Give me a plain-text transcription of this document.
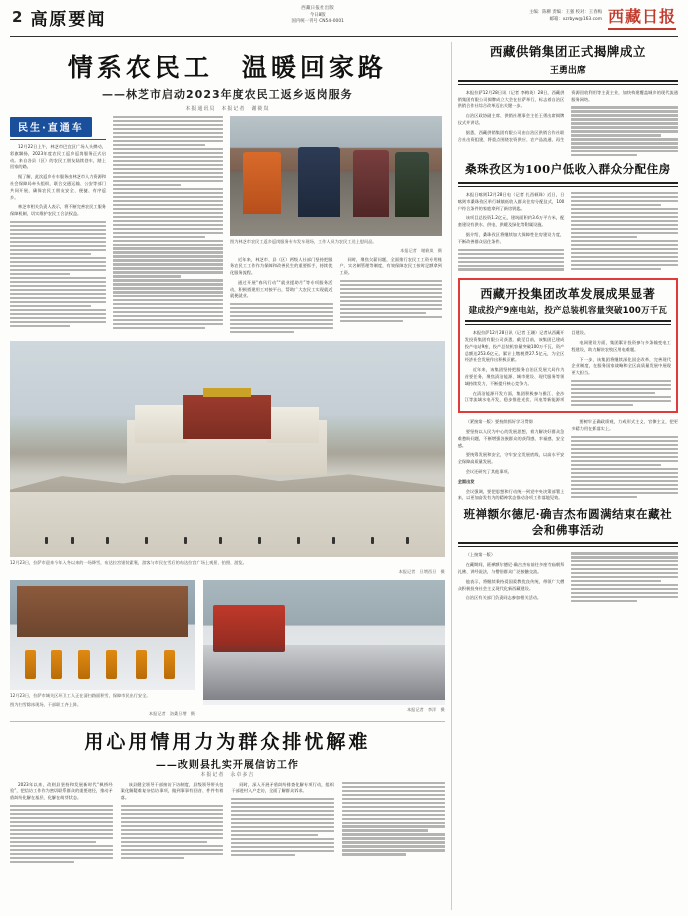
2 高原要闻
西藏日报社出版
今日8版
国内统一刊号 CN54-0001
主编：陈柳 责编：王强 校对：王春梅
邮箱：xzrbyw@163.com 西藏日报
情系农民工　温暖回家路
——林芝市启动2023年度农民工返乡返岗服务
本报通讯员　本报记者　谢筱岚
民生·直通车

12月22日上午，林芝市巴宜区广场人头攒动，彩旗飘扬，2023年度农民工返乡返岗服务正式启动。来自各县（区）的农民工朋友陆续登车，踏上回家的路。

据了解，此次返乡专车服务由林芝市人力资源和社会保障局牵头组织，联合交通运输、公安等部门共同开展，确保农民工朋友安全、便捷、有序返乡。

林芝市相关负责人表示，将不断完善农民工服务保障机制，切实维护农民工合法权益。

图为林芝市农民工返乡返岗服务专车发车现场，工作人员为农民工送上慰问品。
本报记者　谢筱岚　摄

近年来，林芝市、县（区）两级人社部门坚持把服务农民工工作作为保障和改善民生的重要抓手，持续优化服务流程。

通过开展“春风行动”“就业援助月”等专项服务活动，积极搭建用工对接平台，帮助广大农民工实现就近就便就业。

同时，聚焦欠薪问题，全面推行农民工工资专用账户、实名制管理等制度，有效保障农民工按时足额拿到工资。

12月23日，拉萨市迎来今年入冬以来的一场降雪，布达拉宫银装素裹，游客与市民在雪后的布达拉宫广场上观景、拍照、游览。
本报记者　旦增西旦　摄
12月23日，拉萨市城关区环卫工人正在清扫路面积雪，保障市民出行安全。
图为扫雪除冰现场，干部职工齐上阵。
本报记者　洛桑旦增　摄
本报记者　李洋　摄
用心用情用力为群众排忧解难
——改则县扎实开展信访工作
本报记者　永卓多吉

2023年以来，改则县坚持和发展新时代“枫桥经验”，把信访工作作为密切联系群众的重要途径，推动矛盾纠纷化解在基层、化解在萌芽状态。

该县健全领导干部接访下访制度，县级领导带头包案化解疑难复杂信访事项，做到事事有回音、件件有着落。

同时，深入开展矛盾纠纷排查化解专项行动，组织干部进村入户走访，全面了解群众诉求。

西藏供销集团正式揭牌成立
王勇出席

本报拉萨12月28日讯（记者 李梅英）28日，西藏供销集团有限公司揭牌成立大会在拉萨举行，标志着自治区供销合作社综合改革迈出关键一步。

自治区政协副主席、供销社理事会主任王勇出席揭牌仪式并讲话。

据悉，西藏供销集团有限公司由自治区供销合作社联合社出资组建，将重点围绕农资供应、农产品流通、再生资源回收利用等主责主业，加快构建覆盖城乡的现代流通服务网络。

桑珠孜区为100户低收入群众分配住房

本报日喀则12月28日电（记者 扎西顿珠）近日，日喀则市桑珠孜区举行城镇低收入群众住房分配仪式，100户符合条件的家庭拿到了新房钥匙。

该项目总投资1.2亿元，建筑面积约3.6万平方米，配套建设有供水、供电、供暖及绿化等附属设施。

据介绍，桑珠孜区将继续加大保障性住房建设力度，不断改善群众居住条件。

西藏开投集团改革发展成果显著
建成投产9座电站，投产总装机容量突破100万千瓦

本报拉萨12月28日讯（记者 王珊）记者从西藏开发投资集团有限公司获悉，截至目前，该集团已建成投产电站9座，投产总装机容量突破100万千瓦，资产总额达253.6亿元，累计上缴税费27.5亿元，为全区经济社会发展作出积极贡献。

近年来，该集团坚持把服务自治区发展大局作为首要任务，聚焦清洁能源、城市建设、现代服务等领域持续发力，不断提升核心竞争力。

在清洁能源开发方面，集团积极参与雅江、金沙江等流域水电开发，稳步推进光伏、风电等新能源项目建设。

电网建设方面，集团累计投资参与多条输变电工程建设，助力解决农牧区用电难题。

下一步，该集团将继续深化国企改革，完善现代企业制度，在服务国家战略和全区高质量发展中展现更大担当。

（紧接第一版）要持续抓好学习贯彻

要坚持以人民为中心的发展思想，着力解决好群众急难愁盼问题，不断增强各族群众的获得感、幸福感、安全感。

要统筹发展和安全，守牢安全发展底线，以高水平安全保障高质量发展。

会议还研究了其他事项。

全面出发

会议强调，要把思想和行动统一到党中央决策部署上来，以更加奋发有为的精神状态推动各项工作落地见效。

要树牢正确政绩观，力戒形式主义、官僚主义，把更多精力用在抓落实上。

班禅额尔德尼·确吉杰布圆满结束在藏社会和佛事活动

（上接第一版）

在藏期间，班禅额尔德尼·确吉杰布前往多座寺庙朝拜礼佛、讲经说法，与僧俗群众广泛接触交流。

他表示，将继续秉持爱国爱教优良传统，带领广大僧众积极投身社会主义现代化新西藏建设。

自治区有关部门负责同志参加相关活动。
